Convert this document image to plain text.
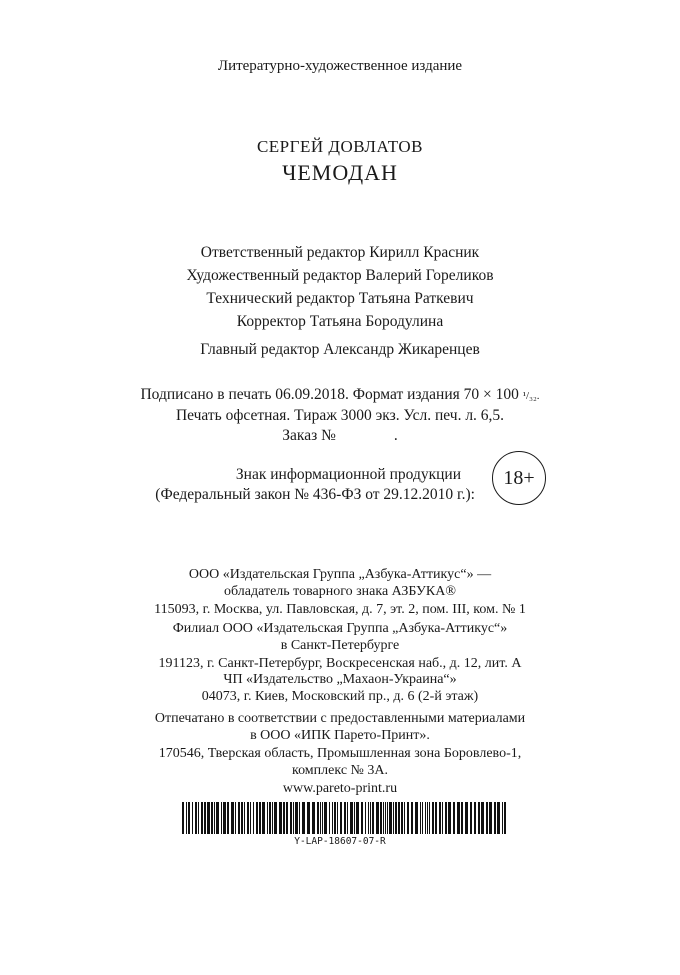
Литературно-художественное издание
СЕРГЕЙ ДОВЛАТОВ
ЧЕМОДАН
Ответственный редактор Кирилл Красник
Художественный редактор Валерий Гореликов
Технический редактор Татьяна Раткевич
Корректор Татьяна Бородулина
Главный редактор Александр Жикаренцев
Подписано в печать 06.09.2018. Формат издания 70 × 100 ¹/₃₂.
Печать офсетная. Тираж 3000 экз. Усл. печ. л. 6,5.
Заказ №	.
Знак информационной продукции
(Федеральный закон № 436-ФЗ от 29.12.2010 г.):
18+
ООО «Издательская Группа „Азбука-Аттикус“» —
обладатель товарного знака АЗБУКА®
115093, г. Москва, ул. Павловская, д. 7, эт. 2, пом. III, ком. № 1
Филиал ООО «Издательская Группа „Азбука-Аттикус“»
в Санкт-Петербурге
191123, г. Санкт-Петербург, Воскресенская наб., д. 12, лит. А
ЧП «Издательство „Махаон-Украина“»
04073, г. Киев, Московский пр., д. 6 (2-й этаж)
Отпечатано в соответствии с предоставленными материалами
в ООО «ИПК Парето-Принт».
170546, Тверская область, Промышленная зона Боровлево-1,
комплекс № 3А.
www.pareto-print.ru
Y-LAP-18607-07-R
